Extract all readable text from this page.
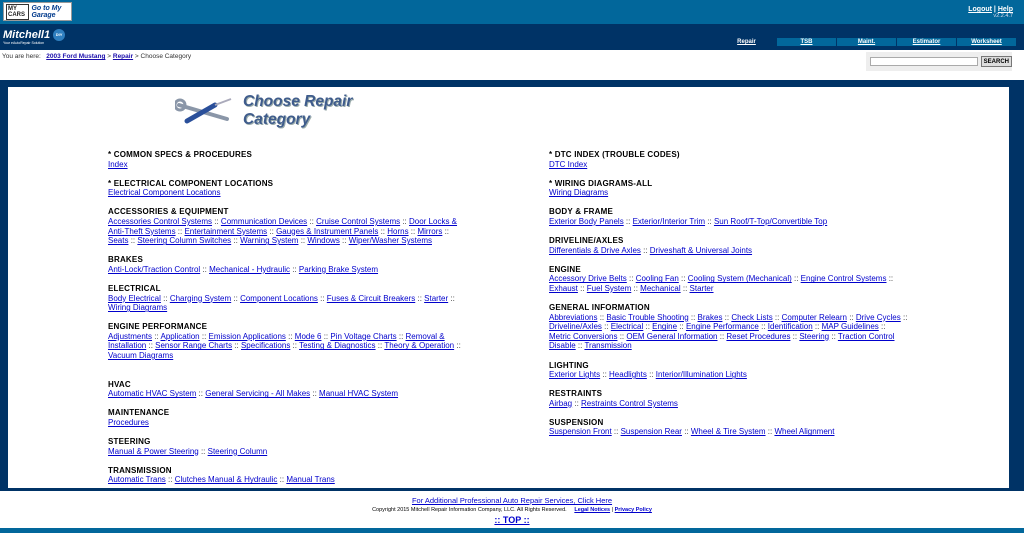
MY CARS
Go to My Garage
Logout | Help
v2.2.4.7
Mitchell1 DIY
Your eAutoRepair Solution	Repair	TSB	Maint.	Estimator	Worksheet
You are here: 2003 Ford Mustang > Repair > Choose Category
SEARCH
Choose Repair Category
* COMMON SPECS & PROCEDURES
Index
* ELECTRICAL COMPONENT LOCATIONS
Electrical Component Locations
ACCESSORIES & EQUIPMENT
Accessories Control Systems :: Communication Devices :: Cruise Control Systems :: Door Locks & Anti-Theft Systems :: Entertainment Systems :: Gauges & Instrument Panels :: Horns :: Mirrors :: Seats :: Steering Column Switches :: Warning System :: Windows :: Wiper/Washer Systems
BRAKES
Anti-Lock/Traction Control :: Mechanical - Hydraulic :: Parking Brake System
ELECTRICAL
Body Electrical :: Charging System :: Component Locations :: Fuses & Circuit Breakers :: Starter :: Wiring Diagrams
ENGINE PERFORMANCE
Adjustments :: Application :: Emission Applications :: Mode 6 :: Pin Voltage Charts :: Removal & Installation :: Sensor Range Charts :: Specifications :: Testing & Diagnostics :: Theory & Operation :: Vacuum Diagrams
HVAC
Automatic HVAC System :: General Servicing - All Makes :: Manual HVAC System
MAINTENANCE
Procedures
STEERING
Manual & Power Steering :: Steering Column
TRANSMISSION
Automatic Trans :: Clutches Manual & Hydraulic :: Manual Trans
* DTC INDEX (TROUBLE CODES)
DTC Index
* WIRING DIAGRAMS-ALL
Wiring Diagrams
BODY & FRAME
Exterior Body Panels :: Exterior/Interior Trim :: Sun Roof/T-Top/Convertible Top
DRIVELINE/AXLES
Differentials & Drive Axles :: Driveshaft & Universal Joints
ENGINE
Accessory Drive Belts :: Cooling Fan :: Cooling System (Mechanical) :: Engine Control Systems :: Exhaust :: Fuel System :: Mechanical :: Starter
GENERAL INFORMATION
Abbreviations :: Basic Trouble Shooting :: Brakes :: Check Lists :: Computer Relearn :: Drive Cycles :: Driveline/Axles :: Electrical :: Engine :: Engine Performance :: Identification :: MAP Guidelines :: Metric Conversions :: OEM General Information :: Reset Procedures :: Steering :: Traction Control Disable :: Transmission
LIGHTING
Exterior Lights :: Headlights :: Interior/Illumination Lights
RESTRAINTS
Airbag :: Restraints Control Systems
SUSPENSION
Suspension Front :: Suspension Rear :: Wheel & Tire System :: Wheel Alignment
For Additional Professional Auto Repair Services, Click Here
Copyright 2015 Mitchell Repair Information Company, LLC. All Rights Reserved. Legal Notices | Privacy Policy
:: TOP ::
